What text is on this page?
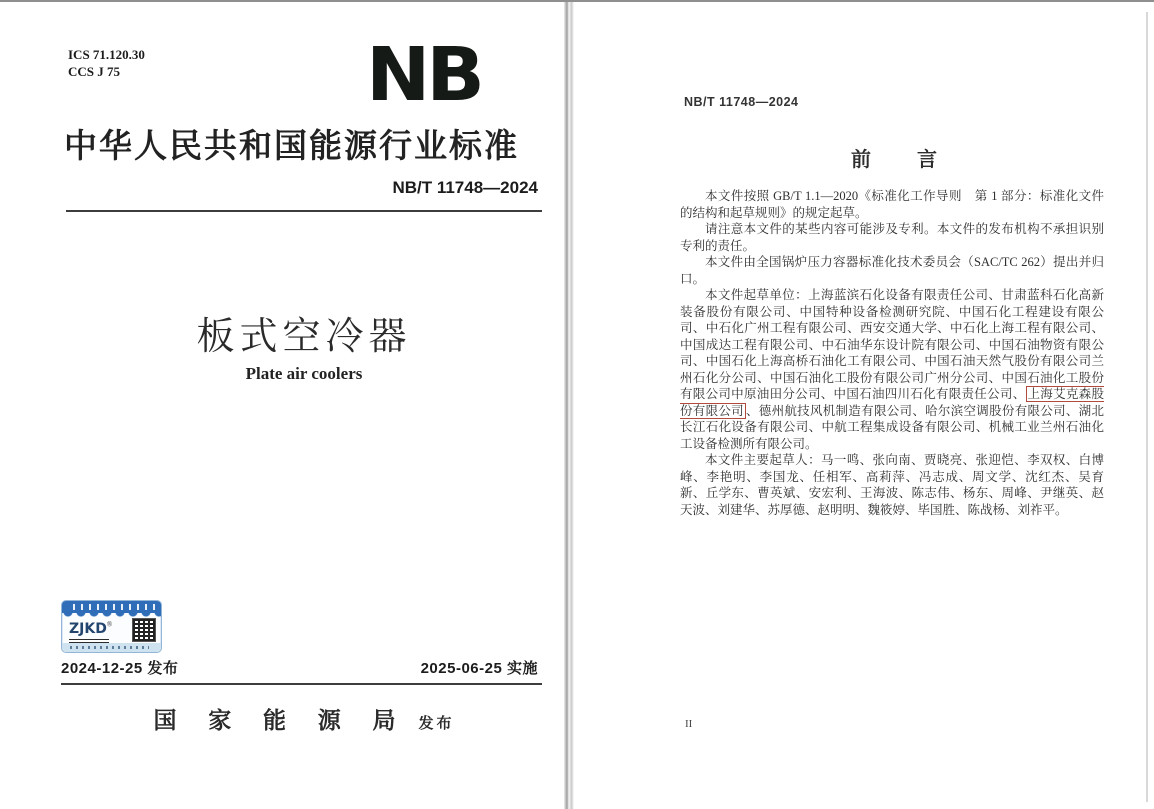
ICS 71.120.30
CCS J 75	NB
中华人民共和国能源行业标准
NB/T 11748—2024
板式空冷器
Plate air coolers
ZJKD®
2024-12-25 发布	2025-06-25 实施
国 家 能 源 局 发布
NB/T 11748—2024
前　　言

本文件按照 GB/T 1.1—2020《标准化工作导则　第 1 部分：标准化文件的结构和起草规则》的规定起草。

请注意本文件的某些内容可能涉及专利。本文件的发布机构不承担识别专利的责任。

本文件由全国锅炉压力容器标准化技术委员会（SAC/TC 262）提出并归口。

本文件起草单位：上海蓝滨石化设备有限责任公司、甘肃蓝科石化高新装备股份有限公司、中国特种设备检测研究院、中国石化工程建设有限公司、中石化广州工程有限公司、西安交通大学、中石化上海工程有限公司、中国成达工程有限公司、中石油华东设计院有限公司、中国石油物资有限公司、中国石化上海高桥石油化工有限公司、中国石油天然气股份有限公司兰州石化分公司、中国石油化工股份有限公司广州分公司、中国石油化工股份有限公司中原油田分公司、中国石油四川石化有限责任公司、 上海艾克森股份有限公司 、德州航技风机制造有限公司、哈尔滨空调股份有限公司、湖北长江石化设备有限公司、中航工程集成设备有限公司、机械工业兰州石油化工设备检测所有限公司。

本文件主要起草人：马一鸣、张向南、贾晓亮、张迎恺、李双权、白博峰、李艳明、李国龙、任相军、高莉萍、冯志成、周文学、沈红杰、吴育新、丘学东、曹英斌、安宏利、王海波、陈志伟、杨东、周峰、尹继英、赵天波、刘建华、苏厚德、赵明明、魏筱婷、毕国胜、陈战杨、刘祚平。

II
